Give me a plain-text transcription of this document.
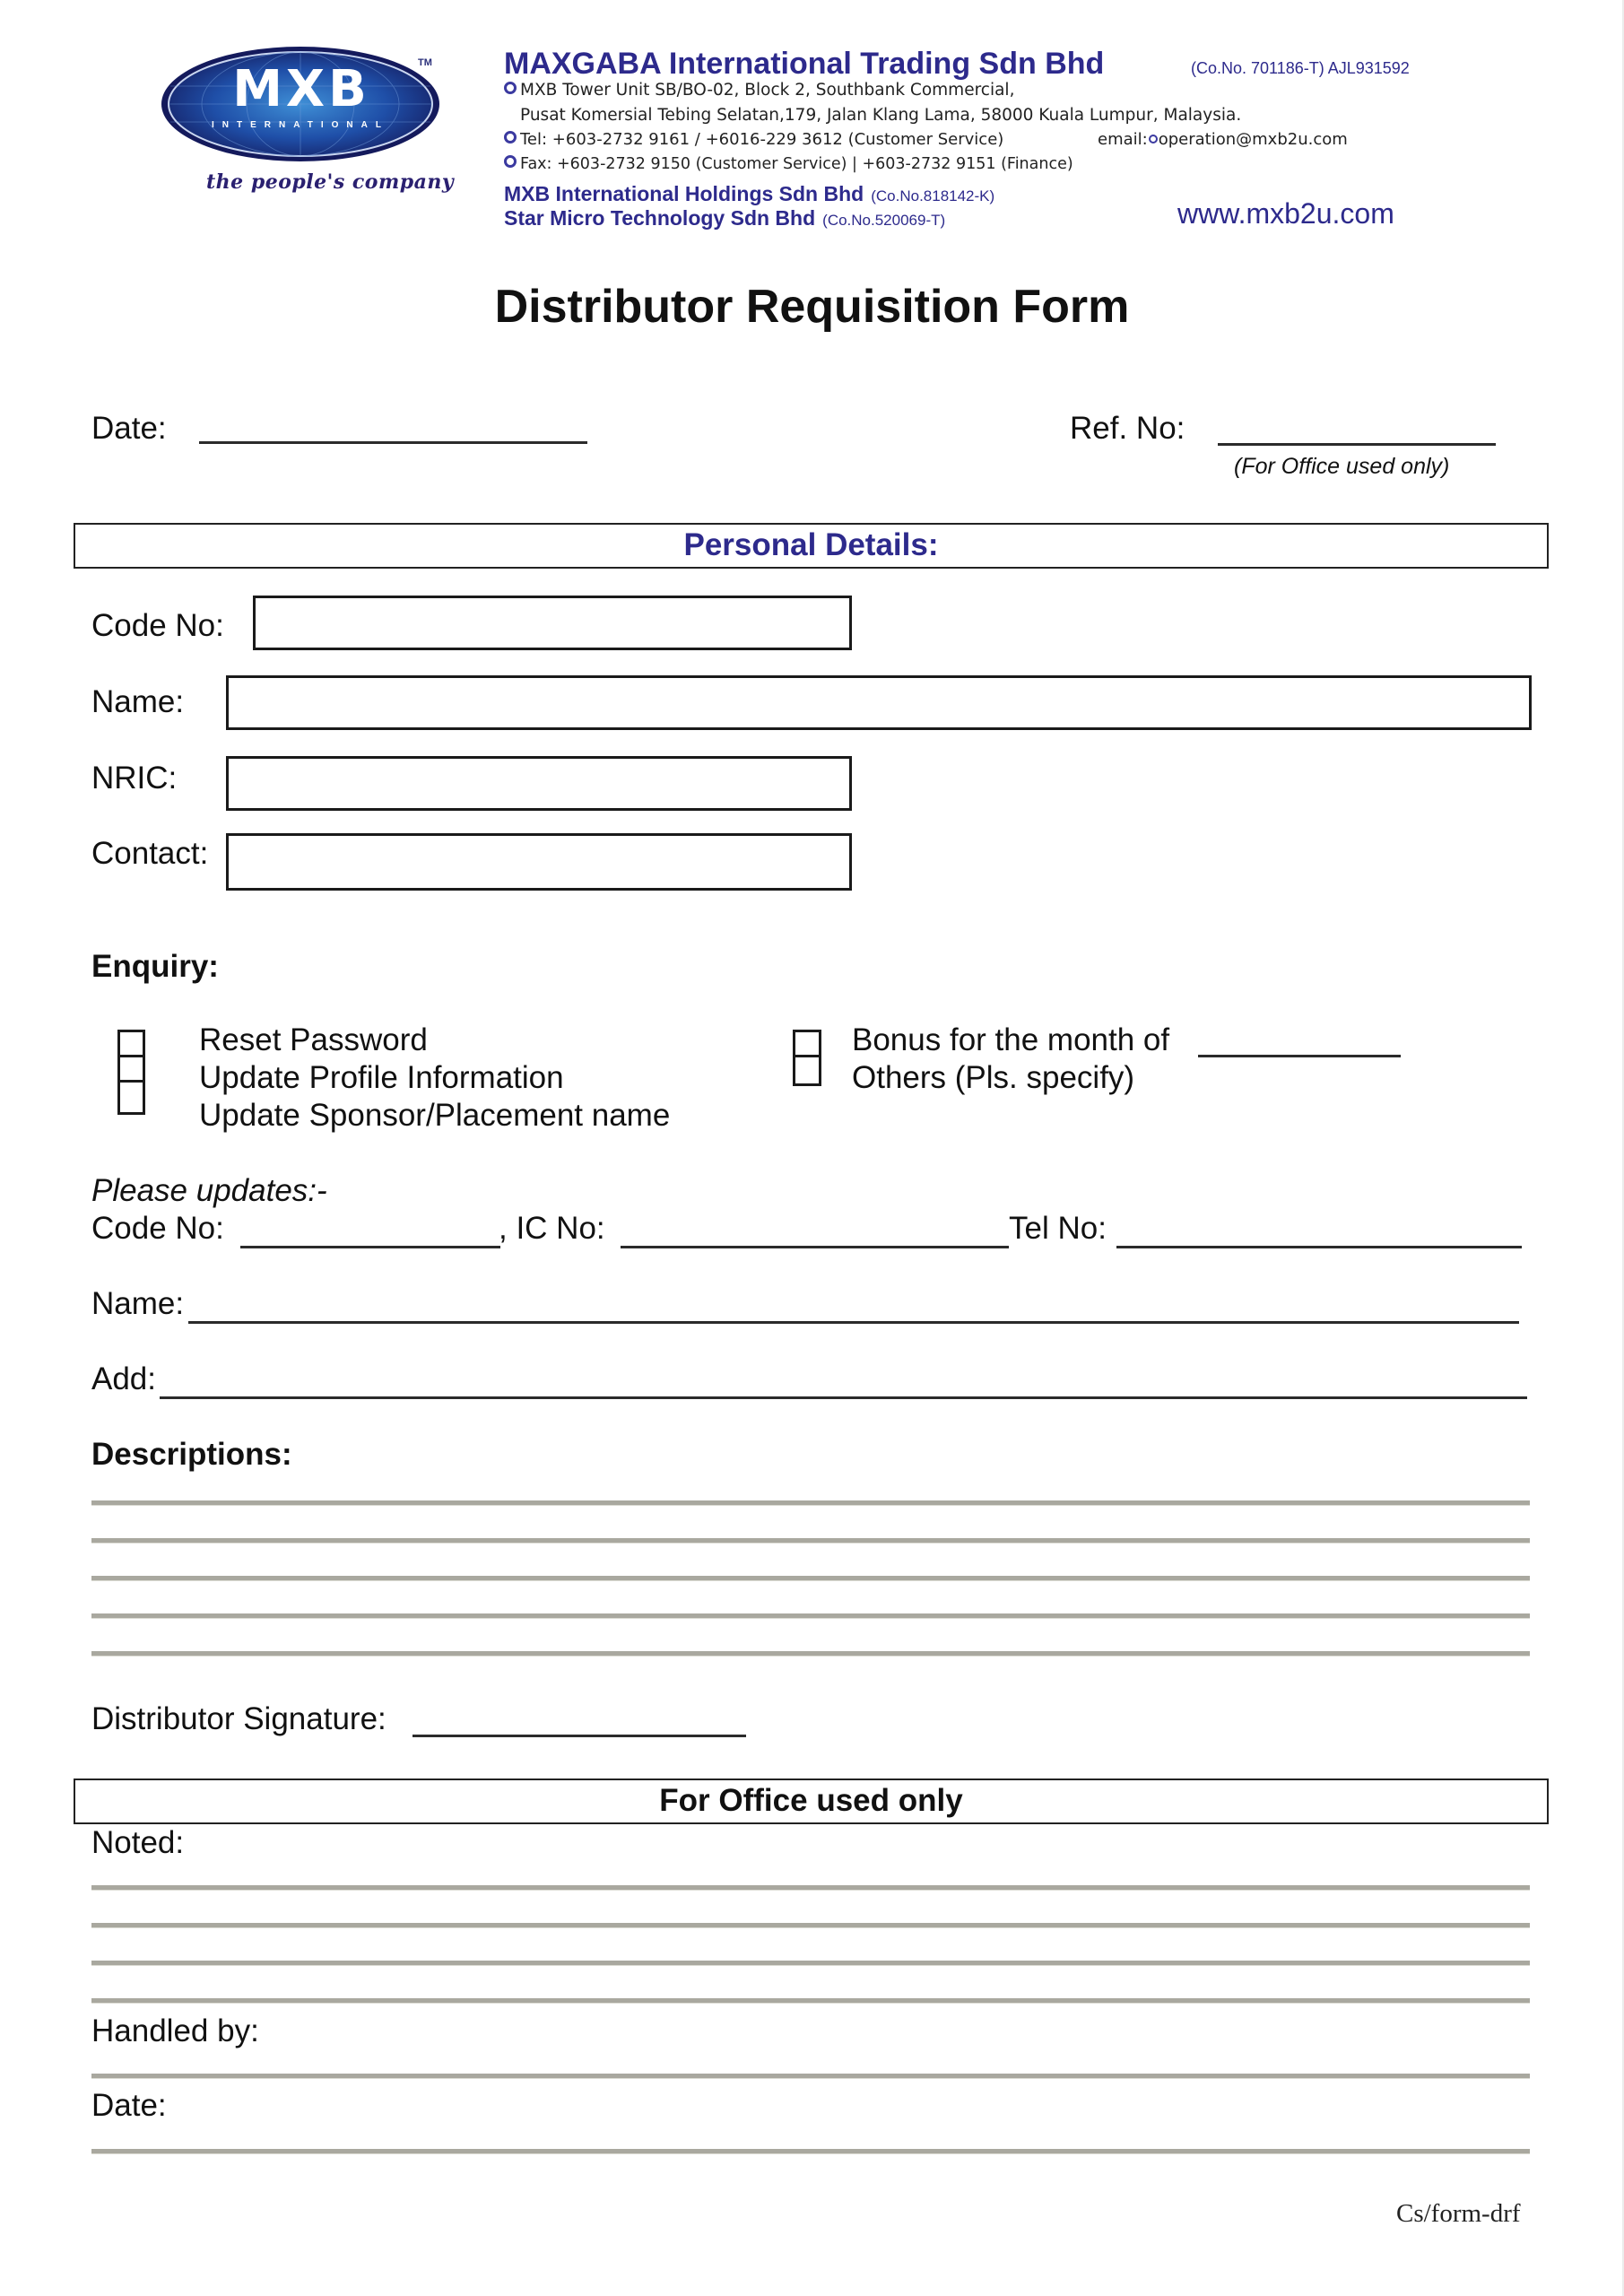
MXB
INTERNATIONAL
TM
the people's company
MAXGABA International Trading Sdn Bhd	(Co.No. 701186-T) AJL931592
MXB Tower Unit SB/BO-02, Block 2, Southbank Commercial,
Pusat Komersial Tebing Selatan,179, Jalan Klang Lama, 58000 Kuala Lumpur, Malaysia.
Tel: +603-2732 9161 / +6016-229 3612 (Customer Service)	email: operation@mxb2u.com
Fax: +603-2732 9150 (Customer Service) | +603-2732 9151 (Finance)
MXB International Holdings Sdn Bhd (Co.No.818142-K)
Star Micro Technology Sdn Bhd (Co.No.520069-T)	www.mxb2u.com
Distributor Requisition Form
Date:	Ref. No:
(For Office used only)
Personal Details:
Code No:
Name:
NRIC:
Contact:
Enquiry:
Reset Password
Update Profile Information
Update Sponsor/Placement name
Bonus for the month of
Others (Pls. specify)
Please updates:-
Code No:	, IC No:	Tel No:
Name:
Add:
Descriptions:
Distributor Signature:
For Office used only
Noted:
Handled by:
Date:
Cs/form-drf
